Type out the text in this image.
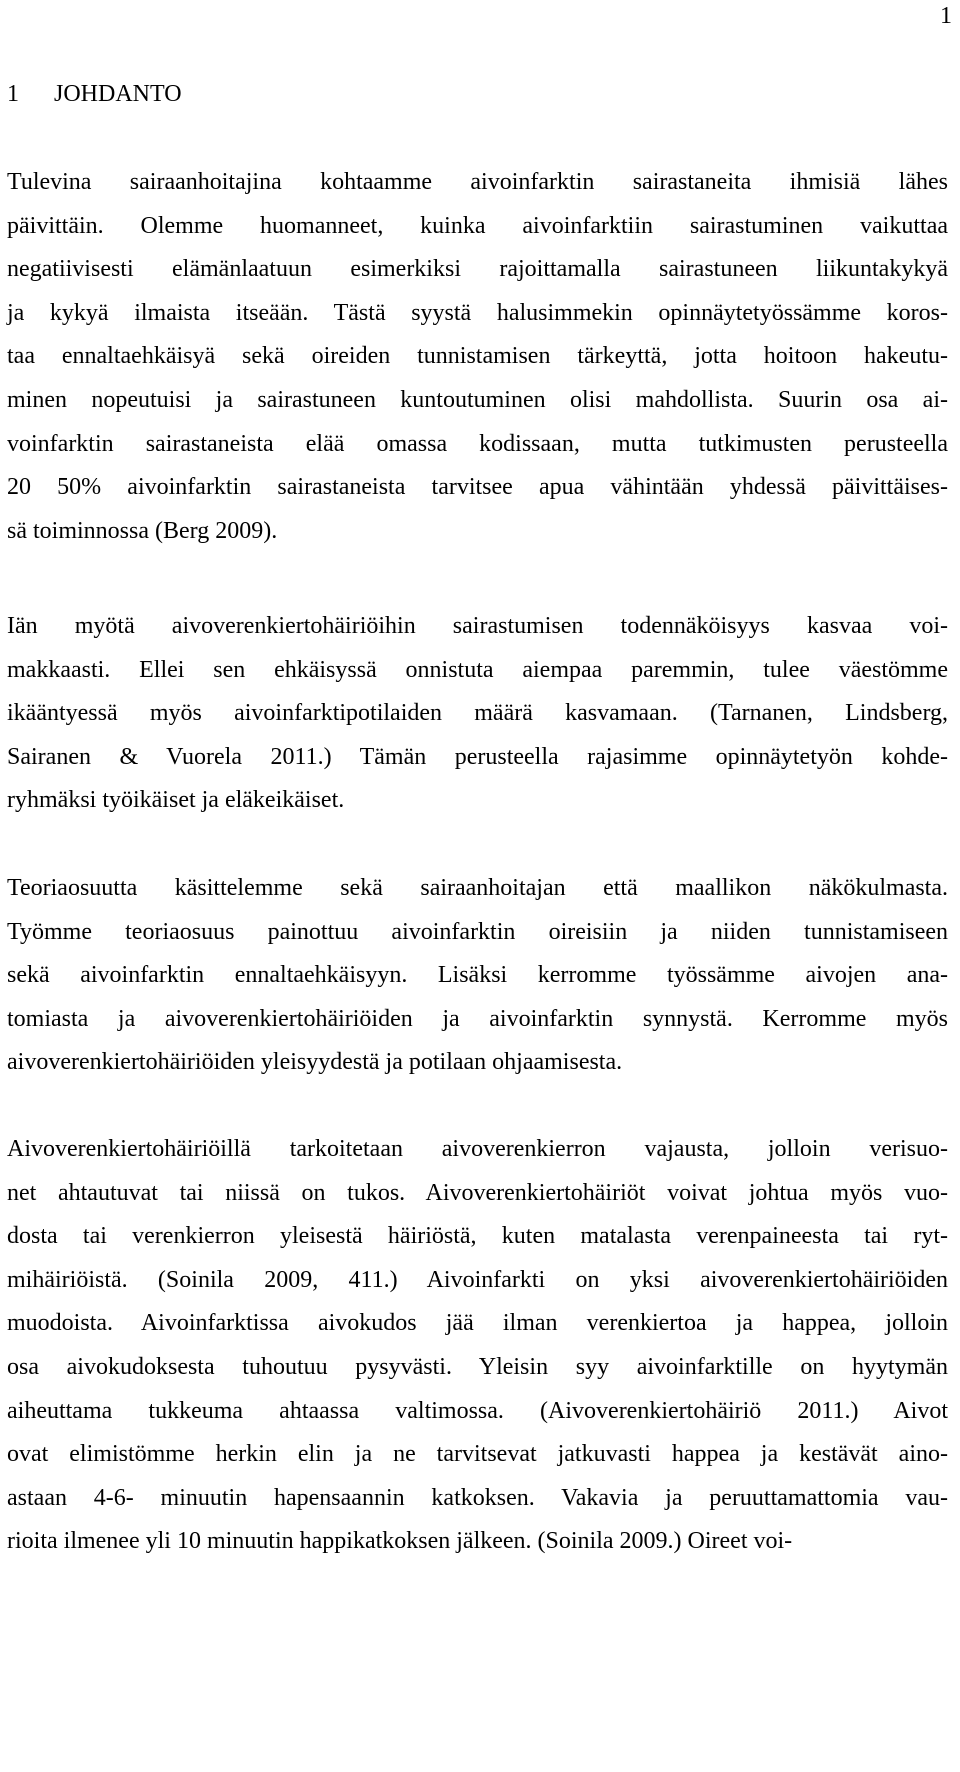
1
1 JOHDANTO
Tulevina sairaanhoitajina kohtaamme aivoinfarktin sairastaneita ihmisiä lähes
päivittäin. Olemme huomanneet, kuinka aivoinfarktiin sairastuminen vaikuttaa
negatiivisesti elämänlaatuun esimerkiksi rajoittamalla sairastuneen liikuntakykyä
ja kykyä ilmaista itseään. Tästä syystä halusimmekin opinnäytetyössämme koros-
taa ennaltaehkäisyä sekä oireiden tunnistamisen tärkeyttä, jotta hoitoon hakeutu-
minen nopeutuisi ja sairastuneen kuntoutuminen olisi mahdollista. Suurin osa ai-
voinfarktin sairastaneista elää omassa kodissaan, mutta tutkimusten perusteella
20 50% aivoinfarktin sairastaneista tarvitsee apua vähintään yhdessä päivittäises-
sä toiminnossa (Berg 2009).
Iän myötä aivoverenkiertohäiriöihin sairastumisen todennäköisyys kasvaa voi-
makkaasti. Ellei sen ehkäisyssä onnistuta aiempaa paremmin, tulee väestömme
ikääntyessä myös aivoinfarktipotilaiden määrä kasvamaan. (Tarnanen, Lindsberg,
Sairanen & Vuorela 2011.) Tämän perusteella rajasimme opinnäytetyön kohde-
ryhmäksi työikäiset ja eläkeikäiset.
Teoriaosuutta käsittelemme sekä sairaanhoitajan että maallikon näkökulmasta.
Työmme teoriaosuus painottuu aivoinfarktin oireisiin ja niiden tunnistamiseen
sekä aivoinfarktin ennaltaehkäisyyn. Lisäksi kerromme työssämme aivojen ana-
tomiasta ja aivoverenkiertohäiriöiden ja aivoinfarktin synnystä. Kerromme myös
aivoverenkiertohäiriöiden yleisyydestä ja potilaan ohjaamisesta.
Aivoverenkiertohäiriöillä tarkoitetaan aivoverenkierron vajausta, jolloin verisuo-
net ahtautuvat tai niissä on tukos. Aivoverenkiertohäiriöt voivat johtua myös vuo-
dosta tai verenkierron yleisestä häiriöstä, kuten matalasta verenpaineesta tai ryt-
mihäiriöistä. (Soinila 2009, 411.) Aivoinfarkti on yksi aivoverenkiertohäiriöiden
muodoista. Aivoinfarktissa aivokudos jää ilman verenkiertoa ja happea, jolloin
osa aivokudoksesta tuhoutuu pysyvästi. Yleisin syy aivoinfarktille on hyytymän
aiheuttama tukkeuma ahtaassa valtimossa. (Aivoverenkiertohäiriö 2011.) Aivot
ovat elimistömme herkin elin ja ne tarvitsevat jatkuvasti happea ja kestävät aino-
astaan 4-6- minuutin hapensaannin katkoksen. Vakavia ja peruuttamattomia vau-
rioita ilmenee yli 10 minuutin happikatkoksen jälkeen. (Soinila 2009.) Oireet voi-
